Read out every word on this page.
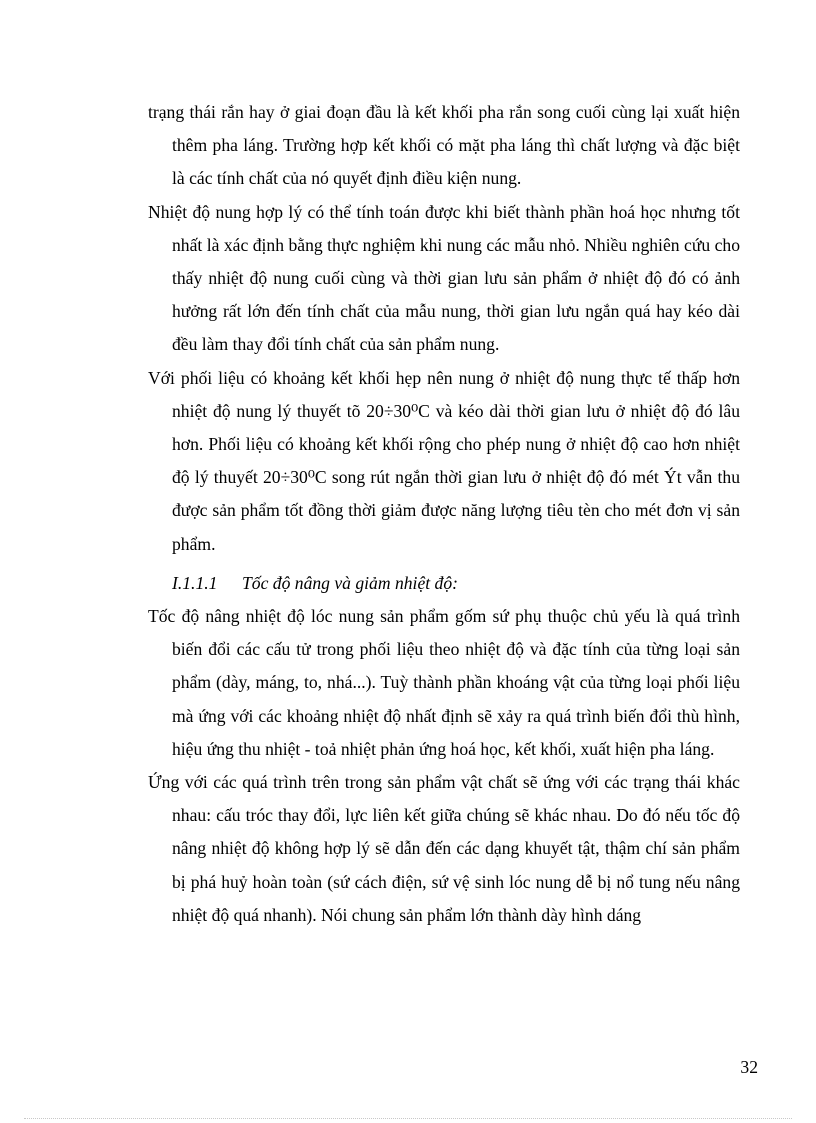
trạng thái rắn hay ở giai đoạn đầu là kết khối pha rắn song cuối cùng lại xuất hiện thêm pha láng. Trường hợp kết khối có mặt pha láng thì chất lượng và đặc biệt là các tính chất của nó quyết định điều kiện nung.

Nhiệt độ nung hợp lý có thể tính toán được khi biết thành phần hoá học nhưng tốt nhất là xác định bằng thực nghiệm khi nung các mẫu nhỏ. Nhiều nghiên cứu cho thấy nhiệt độ nung cuối cùng và thời gian lưu sản phẩm ở nhiệt độ đó có ảnh hưởng rất lớn đến tính chất của mẫu nung, thời gian lưu ngắn quá hay kéo dài đều làm thay đổi tính chất của sản phẩm nung.

Với phối liệu có khoảng kết khối hẹp nên nung ở nhiệt độ nung thực tế thấp hơn nhiệt độ nung lý thuyết tõ 20÷30⁰C và kéo dài thời gian lưu ở nhiệt độ đó lâu hơn. Phối liệu có khoảng kết khối rộng cho phép nung ở nhiệt độ cao hơn nhiệt độ lý thuyết 20÷30⁰C song rút ngắn thời gian lưu ở nhiệt độ đó mét Ýt vẫn thu được sản phẩm tốt đồng thời giảm được năng lượng tiêu tèn cho mét đơn vị sản phẩm.

I.1.1.1	Tốc độ nâng và giảm nhiệt độ:

Tốc độ nâng nhiệt độ lóc nung sản phẩm gốm sứ phụ thuộc chủ yếu là quá trình biến đổi các cấu tử trong phối liệu theo nhiệt độ và đặc tính của từng loại sản phẩm (dày, máng, to, nhá...). Tuỳ thành phần khoáng vật của từng loại phối liệu mà ứng với các khoảng nhiệt độ nhất định sẽ xảy ra quá trình biến đổi thù hình, hiệu ứng thu nhiệt - toả nhiệt phản ứng hoá học, kết khối, xuất hiện pha láng.

Ứng với các quá trình trên trong sản phẩm vật chất sẽ ứng với các trạng thái khác nhau: cấu tróc thay đổi, lực liên kết giữa chúng sẽ khác nhau. Do đó nếu tốc độ nâng nhiệt độ không hợp lý sẽ dẫn đến các dạng khuyết tật, thậm chí sản phẩm bị phá huỷ hoàn toàn (sứ cách điện, sứ vệ sinh lóc nung dễ bị nổ tung nếu nâng nhiệt độ quá nhanh). Nói chung sản phẩm lớn thành dày hình dáng

32
